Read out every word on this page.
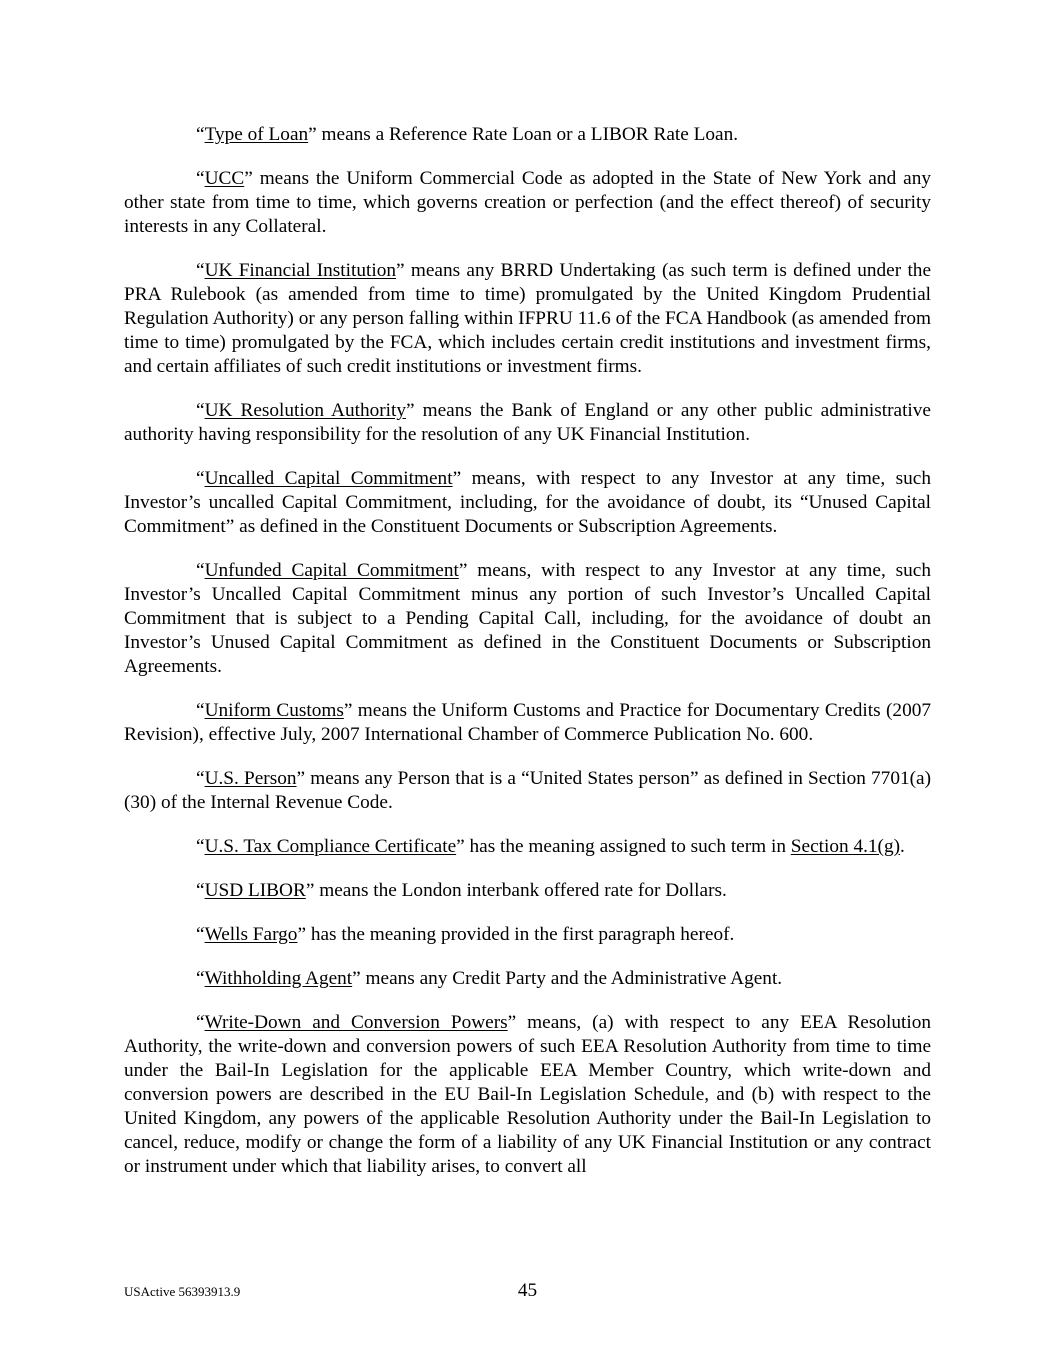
“Type of Loan” means a Reference Rate Loan or a LIBOR Rate Loan.

“UCC” means the Uniform Commercial Code as adopted in the State of New York and any other state from time to time, which governs creation or perfection (and the effect thereof) of security interests in any Collateral.

“UK Financial Institution” means any BRRD Undertaking (as such term is defined under the PRA Rulebook (as amended from time to time) promulgated by the United Kingdom Prudential Regulation Authority) or any person falling within IFPRU 11.6 of the FCA Handbook (as amended from time to time) promulgated by the FCA, which includes certain credit institutions and investment firms, and certain affiliates of such credit institutions or investment firms.

“UK Resolution Authority” means the Bank of England or any other public administrative authority having responsibility for the resolution of any UK Financial Institution.

“Uncalled Capital Commitment” means, with respect to any Investor at any time, such Investor’s uncalled Capital Commitment, including, for the avoidance of doubt, its “Unused Capital Commitment” as defined in the Constituent Documents or Subscription Agreements.

“Unfunded Capital Commitment” means, with respect to any Investor at any time, such Investor’s Uncalled Capital Commitment minus any portion of such Investor’s Uncalled Capital Commitment that is subject to a Pending Capital Call, including, for the avoidance of doubt an Investor’s Unused Capital Commitment as defined in the Constituent Documents or Subscription Agreements.

“Uniform Customs” means the Uniform Customs and Practice for Documentary Credits (2007 Revision), effective July, 2007 International Chamber of Commerce Publication No. 600.

“U.S. Person” means any Person that is a “United States person” as defined in Section 7701(a)(30) of the Internal Revenue Code.

“U.S. Tax Compliance Certificate” has the meaning assigned to such term in Section 4.1(g).

“USD LIBOR” means the London interbank offered rate for Dollars.

“Wells Fargo” has the meaning provided in the first paragraph hereof.

“Withholding Agent” means any Credit Party and the Administrative Agent.

“Write-Down and Conversion Powers” means, (a) with respect to any EEA Resolution Authority, the write-down and conversion powers of such EEA Resolution Authority from time to time under the Bail-In Legislation for the applicable EEA Member Country, which write-down and conversion powers are described in the EU Bail-In Legislation Schedule, and (b) with respect to the United Kingdom, any powers of the applicable Resolution Authority under the Bail-In Legislation to cancel, reduce, modify or change the form of a liability of any UK Financial Institution or any contract or instrument under which that liability arises, to convert all

USActive 56393913.9	45
